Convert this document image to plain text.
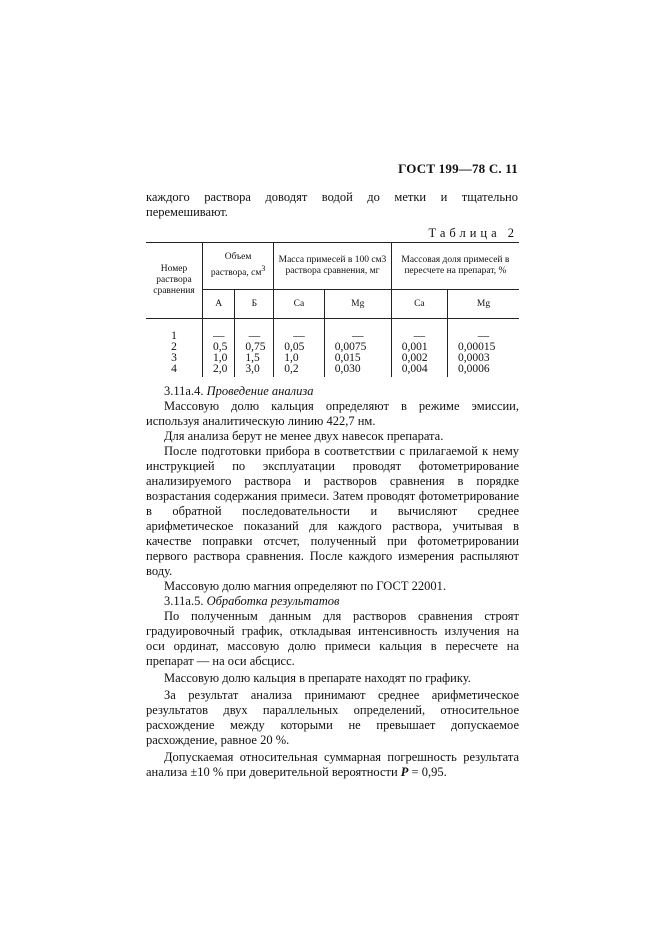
ГОСТ 199—78 С. 11

каждого раствора доводят водой до метки и тщательно перемешивают.

Таблица 2
Номер раствора сравнения	Объем раствора, $см^3$		Масса примесей в 100 см3 раствора сравнения, мг		Массовая доля примесей в пересчете на препарат, %	
	А	Б	Ca	Mg	Ca	Mg

1	—	—	—	—	—	—
2	0,5	0,75	0,05	0,0075	0,001	0,00015
3	1,0	1,5	1,0	0,015	0,002	0,0003
4	2,0	3,0	0,2	0,030	0,004	0,0006

3.11a.4. Проведение анализа

Массовую долю кальция определяют в режиме эмиссии, используя аналитическую линию 422,7 нм.

Для анализа берут не менее двух навесок препарата.

После подготовки прибора в соответствии с прилагаемой к нему инструкцией по эксплуатации проводят фотометрирование анализируемого раствора и растворов сравнения в порядке возрастания содержания примеси. Затем проводят фотометрирование в обратной последовательности и вычисляют среднее арифметическое показаний для каждого раствора, учитывая в качестве поправки отсчет, полученный при фотометрировании первого раствора сравнения. После каждого измерения распыляют воду.

Массовую долю магния определяют по ГОСТ 22001.

3.11a.5. Обработка результатов

По полученным данным для растворов сравнения строят градуировочный график, откладывая интенсивность излучения на оси ординат, массовую долю примеси кальция в пересчете на препарат — на оси абсцисс.

Массовую долю кальция в препарате находят по графику.

За результат анализа принимают среднее арифметическое результатов двух параллельных определений, относительное расхождение между которыми не превышает допускаемое расхождение, равное 20 %.

Допускаемая относительная суммарная погрешность результата анализа ±10 % при доверительной вероятности P = 0,95.
